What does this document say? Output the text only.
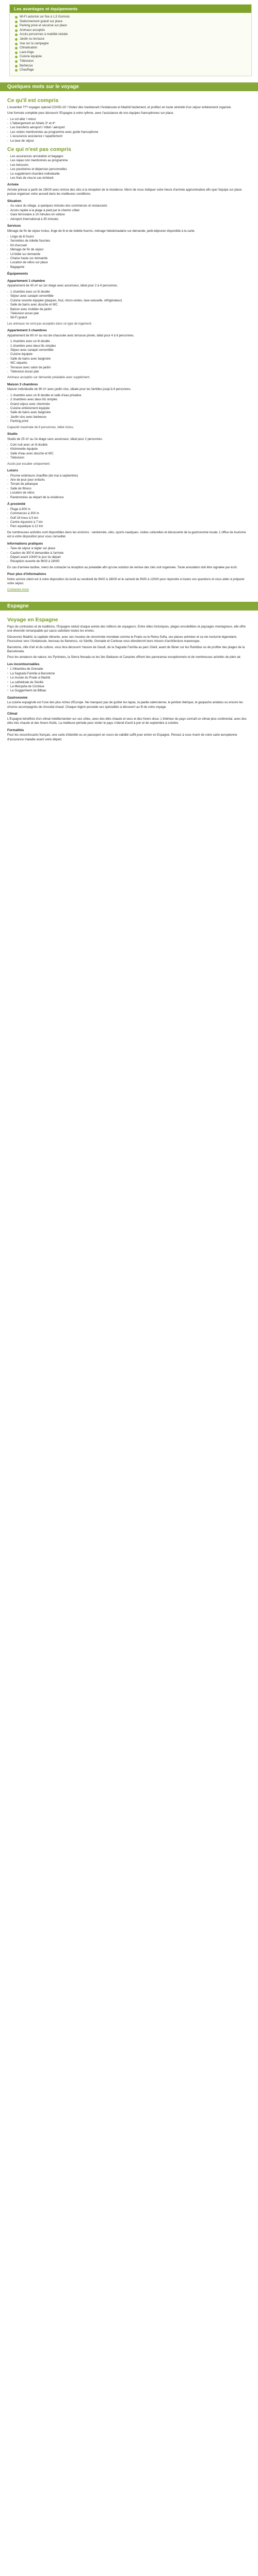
Les avantages et équipements
Wi-Fi autorisé sur fixe à 1,5 Go/mois
Stationnement gratuit sur place
Parking privé et sécurisé sur place
Animaux acceptés
Accès personnes à mobilité réduite
Jardin ou terrasse
Vue sur la campagne
Climatisation
Lave-linge
Cuisine équipée
Télévision
Barbecue
Chauffage
Quelques mots sur le voyage
Ce qu'il est compris

L'essentiel ??? voyages spécial COVID-19 ! Visitez dès maintenant l'Andalousie et Madrid facilement, et profitez en toute sérénité d'un séjour entièrement organisé.

Une formule complète pour découvrir l'Espagne à votre rythme, avec l'assistance de nos équipes francophones sur place.

- Le vol aller / retour
- L'hébergement en hôtels 3* et 4*
- Les transferts aéroport / hôtel / aéroport
- Les visites mentionnées au programme avec guide francophone
- L'assurance assistance / rapatriement
- La taxe de séjour
Ce qui n'est pas compris
- Les assurances annulation et bagages
- Les repas non mentionnés au programme
- Les boissons
- Les pourboires et dépenses personnelles
- Le supplément chambre individuelle
- Les frais de visa le cas échéant
Arrivée

Arrivée prévue à partir de 15h00 avec remise des clés à la réception de la résidence. Merci de nous indiquer votre heure d'arrivée approximative afin que l'équipe sur place puisse organiser votre accueil dans les meilleures conditions.

Situation
- Au cœur du village, à quelques minutes des commerces et restaurants
- Accès rapide à la plage à pied par le chemin côtier
- Gare ferroviaire à 10 minutes en voiture
- Aéroport international à 35 minutes
Services

Ménage de fin de séjour inclus, linge de lit et de toilette fournis, ménage hebdomadaire sur demande, petit-déjeuner disponible à la carte.

- Linge de lit fourni
- Serviettes de toilette fournies
- Kit d'accueil
- Ménage de fin de séjour
- Lit bébé sur demande
- Chaise haute sur demande
- Location de vélos sur place
- Bagagerie
Équipements
Appartement 1 chambre

Appartement de 40 m² au 1er étage avec ascenseur, idéal pour 2 à 4 personnes.

- 1 chambre avec un lit double
- Séjour avec canapé convertible
- Cuisine ouverte équipée (plaques, four, micro-ondes, lave-vaisselle, réfrigérateur)
- Salle de bains avec douche et WC
- Balcon avec mobilier de jardin
- Télévision écran plat
- Wi-Fi gratuit

Les animaux ne sont pas acceptés dans ce type de logement.

Appartement 2 chambres

Appartement de 60 m² au rez-de-chaussée avec terrasse privée, idéal pour 4 à 6 personnes.

- 1 chambre avec un lit double
- 1 chambre avec deux lits simples
- Séjour avec canapé convertible
- Cuisine équipée
- Salle de bains avec baignoire
- WC séparés
- Terrasse avec salon de jardin
- Télévision écran plat

Animaux acceptés sur demande préalable avec supplément.

Maison 3 chambres

Maison individuelle de 90 m² avec jardin clos, idéale pour les familles jusqu'à 8 personnes.

- 1 chambre avec un lit double et salle d'eau privative
- 2 chambres avec deux lits simples
- Grand séjour avec cheminée
- Cuisine entièrement équipée
- Salle de bains avec baignoire
- Jardin clos avec barbecue
- Parking privé

Capacité maximale de 8 personnes, bébé inclus.

Studio

Studio de 25 m² au 2e étage sans ascenseur, idéal pour 2 personnes.

- Coin nuit avec un lit double
- Kitchenette équipée
- Salle d'eau avec douche et WC
- Télévision

Accès par escalier uniquement.

Loisirs
- Piscine extérieure chauffée (de mai à septembre)
- Aire de jeux pour enfants
- Terrain de pétanque
- Salle de fitness
- Location de vélos
- Randonnées au départ de la résidence
À proximité
- Plage à 800 m
- Commerces à 300 m
- Golf 18 trous à 5 km
- Centre équestre à 7 km
- Parc aquatique à 12 km

De nombreuses activités sont disponibles dans les environs : randonnée, vélo, sports nautiques, visites culturelles et découverte de la gastronomie locale. L'office de tourisme est à votre disposition pour vous conseiller.

Informations pratiques
- Taxe de séjour à régler sur place
- Caution de 300 € demandée à l'arrivée
- Départ avant 10h00 le jour du départ
- Réception ouverte de 9h00 à 19h00

En cas d'arrivée tardive, merci de contacter la réception au préalable afin qu'une solution de remise des clés soit organisée. Toute annulation doit être signalée par écrit.

Pour plus d'informations

Notre service client est à votre disposition du lundi au vendredi de 9h00 à 18h00 et le samedi de 9h00 à 12h00 pour répondre à toutes vos questions et vous aider à préparer votre séjour.

Contactez-nous

Espagne
Voyage en Espagne

Pays de contrastes et de traditions, l'Espagne séduit chaque année des millions de voyageurs. Entre villes historiques, plages ensoleillées et paysages montagneux, elle offre une diversité remarquable qui saura satisfaire toutes les envies.

Découvrez Madrid, la capitale vibrante, avec ses musées de renommée mondiale comme le Prado ou le Reina Sofia, ses places animées et sa vie nocturne légendaire. Poursuivez vers l'Andalousie, berceau du flamenco, où Séville, Grenade et Cordoue vous dévoileront leurs trésors d'architecture mauresque.

Barcelone, ville d'art et de culture, vous fera découvrir l'œuvre de Gaudí, de la Sagrada Família au parc Güell, avant de flâner sur les Ramblas ou de profiter des plages de la Barceloneta.

Pour les amateurs de nature, les Pyrénées, la Sierra Nevada ou les îles Baléares et Canaries offrent des panoramas exceptionnels et de nombreuses activités de plein air.

Les incontournables
• L'Alhambra de Grenade
• La Sagrada Família à Barcelone
• Le musée du Prado à Madrid
• La cathédrale de Séville
• La Mezquita de Cordoue
• Le Guggenheim de Bilbao
Gastronomie

La cuisine espagnole est l'une des plus riches d'Europe. Ne manquez pas de goûter les tapas, la paella valencienne, le jambon ibérique, le gaspacho andalou ou encore les churros accompagnés de chocolat chaud. Chaque région possède ses spécialités à découvrir au fil de votre voyage.

Climat

L'Espagne bénéficie d'un climat méditerranéen sur ses côtes, avec des étés chauds et secs et des hivers doux. L'intérieur du pays connaît un climat plus continental, avec des étés très chauds et des hivers froids. La meilleure période pour visiter le pays s'étend d'avril à juin et de septembre à octobre.

Formalités

Pour les ressortissants français, une carte d'identité ou un passeport en cours de validité suffit pour entrer en Espagne. Pensez à vous munir de votre carte européenne d'assurance maladie avant votre départ.
